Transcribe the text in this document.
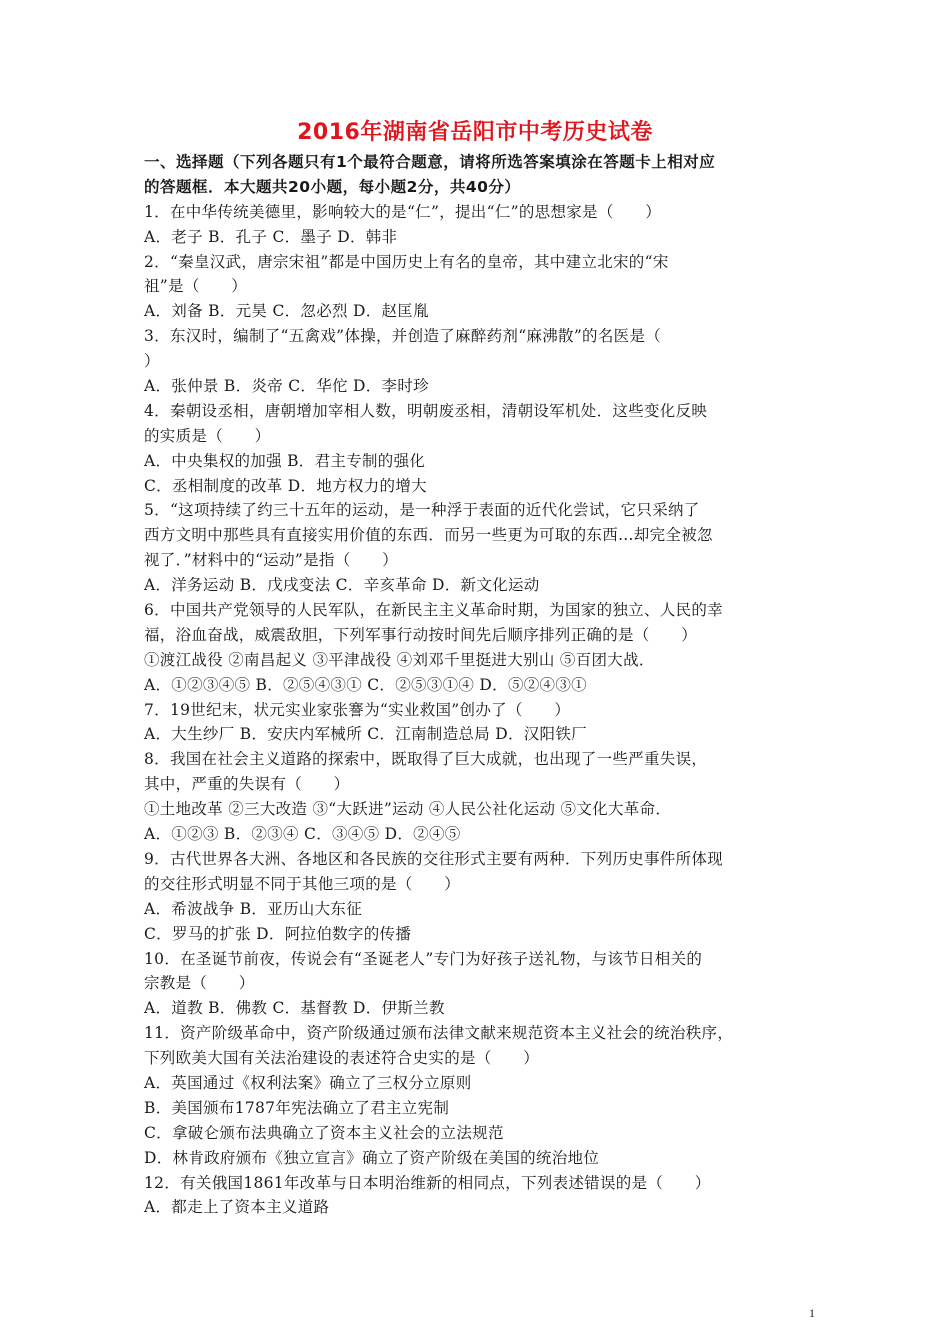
2016年湖南省岳阳市中考历史试卷
一、选择题（下列各题只有1个最符合题意，请将所选答案填涂在答题卡上相对应
的答题框．本大题共20小题，每小题2分，共40分）
1．在中华传统美德里，影响较大的是“仁”，提出“仁”的思想家是（　　）
A．老子 B．孔子 C．墨子 D．韩非
2．“秦皇汉武，唐宗宋祖”都是中国历史上有名的皇帝，其中建立北宋的“宋
祖”是（　　）
A．刘备 B．元昊 C．忽必烈 D．赵匡胤
3．东汉时，编制了“五禽戏”体操，并创造了麻醉药剂“麻沸散”的名医是（
）
A．张仲景 B．炎帝 C．华佗 D．李时珍
4．秦朝设丞相，唐朝增加宰相人数，明朝废丞相，清朝设军机处．这些变化反映
的实质是（　　）
A．中央集权的加强 B．君主专制的强化
C．丞相制度的改革 D．地方权力的增大
5．“这项持续了约三十五年的运动，是一种浮于表面的近代化尝试，它只采纳了
西方文明中那些具有直接实用价值的东西．而另一些更为可取的东西…却完全被忽
视了．”材料中的“运动”是指（　　）
A．洋务运动 B．戊戌变法 C．辛亥革命 D．新文化运动
6．中国共产党领导的人民军队，在新民主主义革命时期，为国家的独立、人民的幸
福，浴血奋战，威震敌胆，下列军事行动按时间先后顺序排列正确的是（　　）
①渡江战役 ②南昌起义 ③平津战役 ④刘邓千里挺进大别山 ⑤百团大战．
A．①②③④⑤ B．②⑤④③① C．②⑤③①④ D．⑤②④③①
7．19世纪末，状元实业家张謇为“实业救国”创办了（　　）
A．大生纱厂 B．安庆内军械所 C．江南制造总局 D．汉阳铁厂
8．我国在社会主义道路的探索中，既取得了巨大成就，也出现了一些严重失误，
其中，严重的失误有（　　）
①土地改革 ②三大改造 ③“大跃进”运动 ④人民公社化运动 ⑤文化大革命．
A．①②③ B．②③④ C．③④⑤ D．②④⑤
9．古代世界各大洲、各地区和各民族的交往形式主要有两种．下列历史事件所体现
的交往形式明显不同于其他三项的是（　　）
A．希波战争 B．亚历山大东征
C．罗马的扩张 D．阿拉伯数字的传播
10．在圣诞节前夜，传说会有“圣诞老人”专门为好孩子送礼物，与该节日相关的
宗教是（　　）
A．道教 B．佛教 C．基督教 D．伊斯兰教
11．资产阶级革命中，资产阶级通过颁布法律文献来规范资本主义社会的统治秩序，
下列欧美大国有关法治建设的表述符合史实的是（　　）
A．英国通过《权利法案》确立了三权分立原则
B．美国颁布1787年宪法确立了君主立宪制
C．拿破仑颁布法典确立了资本主义社会的立法规范
D．林肯政府颁布《独立宣言》确立了资产阶级在美国的统治地位
12．有关俄国1861年改革与日本明治维新的相同点，下列表述错误的是（　　）
A．都走上了资本主义道路
1
